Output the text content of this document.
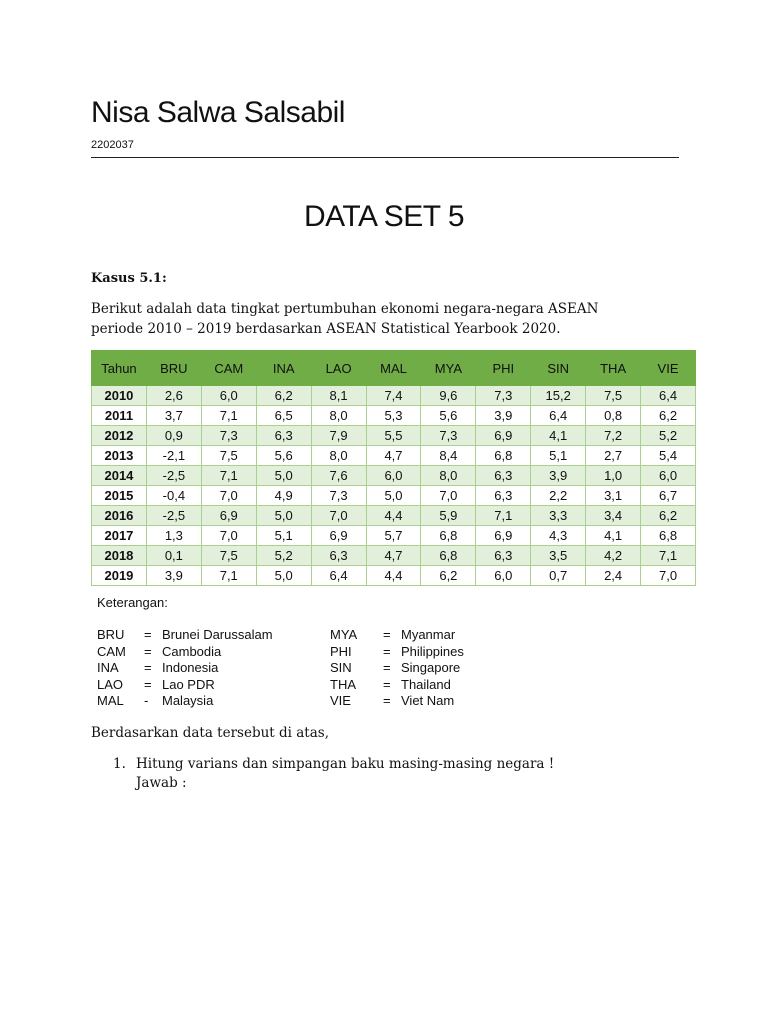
Nisa Salwa Salsabil
2202037
DATA SET 5
Kasus 5.1:
Berikut adalah data tingkat pertumbuhan ekonomi negara-negara ASEAN
periode 2010 – 2019 berdasarkan ASEAN Statistical Yearbook 2020.
Tahun	BRU	CAM	INA	LAO	MAL	MYA	PHI	SIN	THA	VIE
2010	2,6	6,0	6,2	8,1	7,4	9,6	7,3	15,2	7,5	6,4
2011	3,7	7,1	6,5	8,0	5,3	5,6	3,9	6,4	0,8	6,2
2012	0,9	7,3	6,3	7,9	5,5	7,3	6,9	4,1	7,2	5,2
2013	-2,1	7,5	5,6	8,0	4,7	8,4	6,8	5,1	2,7	5,4
2014	-2,5	7,1	5,0	7,6	6,0	8,0	6,3	3,9	1,0	6,0
2015	-0,4	7,0	4,9	7,3	5,0	7,0	6,3	2,2	3,1	6,7
2016	-2,5	6,9	5,0	7,0	4,4	5,9	7,1	3,3	3,4	6,2
2017	1,3	7,0	5,1	6,9	5,7	6,8	6,9	4,3	4,1	6,8
2018	0,1	7,5	5,2	6,3	4,7	6,8	6,3	3,5	4,2	7,1
2019	3,9	7,1	5,0	6,4	4,4	6,2	6,0	0,7	2,4	7,0
Keterangan:
BRU = Brunei Darussalam
CAM = Cambodia
INA = Indonesia
LAO = Lao PDR
MAL - Malaysia
MYA = Myanmar
PHI = Philippines
SIN = Singapore
THA = Thailand
VIE = Viet Nam
Berdasarkan data tersebut di atas,
1. Hitung varians dan simpangan baku masing-masing negara !
Jawab :
